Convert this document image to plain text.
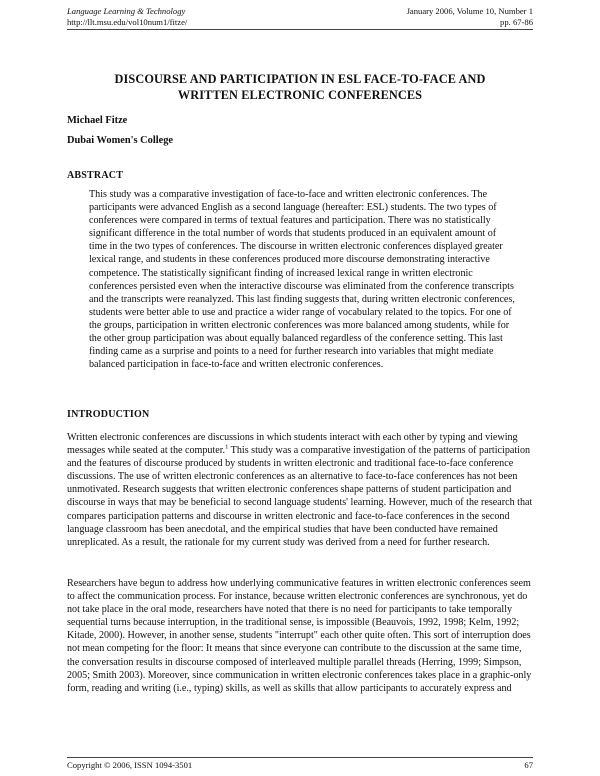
Language Learning & Technology	January 2006, Volume 10, Number 1
http://llt.msu.edu/vol10num1/fitze/	pp. 67-86
DISCOURSE AND PARTICIPATION IN ESL FACE-TO-FACE AND
WRITTEN ELECTRONIC CONFERENCES
Michael Fitze
Dubai Women's College
ABSTRACT

This study was a comparative investigation of face-to-face and written electronic conferences. The participants were advanced English as a second language (hereafter: ESL) students. The two types of conferences were compared in terms of textual features and participation. There was no statistically significant difference in the total number of words that students produced in an equivalent amount of time in the two types of conferences. The discourse in written electronic conferences displayed greater lexical range, and students in these conferences produced more discourse demonstrating interactive competence. The statistically significant finding of increased lexical range in written electronic conferences persisted even when the interactive discourse was eliminated from the conference transcripts and the transcripts were reanalyzed. This last finding suggests that, during written electronic conferences, students were better able to use and practice a wider range of vocabulary related to the topics. For one of the groups, participation in written electronic conferences was more balanced among students, while for the other group participation was about equally balanced regardless of the conference setting. This last finding came as a surprise and points to a need for further research into variables that might mediate balanced participation in face-to-face and written electronic conferences.

INTRODUCTION

Written electronic conferences are discussions in which students interact with each other by typing and viewing messages while seated at the computer.$^1$ This study was a comparative investigation of the patterns of participation and the features of discourse produced by students in written electronic and traditional face-to-face conference discussions. The use of written electronic conferences as an alternative to face-to-face conferences has not been unmotivated. Research suggests that written electronic conferences shape patterns of student participation and discourse in ways that may be beneficial to second language students' learning. However, much of the research that compares participation patterns and discourse in written electronic and face-to-face conferences in the second language classroom has been anecdotal, and the empirical studies that have been conducted have remained unreplicated. As a result, the rationale for my current study was derived from a need for further research.

Researchers have begun to address how underlying communicative features in written electronic conferences seem to affect the communication process. For instance, because written electronic conferences are synchronous, yet do not take place in the oral mode, researchers have noted that there is no need for participants to take temporally sequential turns because interruption, in the traditional sense, is impossible (Beauvois, 1992, 1998; Kelm, 1992; Kitade, 2000). However, in another sense, students "interrupt" each other quite often. This sort of interruption does not mean competing for the floor: It means that since everyone can contribute to the discussion at the same time, the conversation results in discourse composed of interleaved multiple parallel threads (Herring, 1999; Simpson, 2005; Smith 2003). Moreover, since communication in written electronic conferences takes place in a graphic-only form, reading and writing (i.e., typing) skills, as well as skills that allow participants to accurately express and

Copyright © 2006, ISSN 1094-3501	67
